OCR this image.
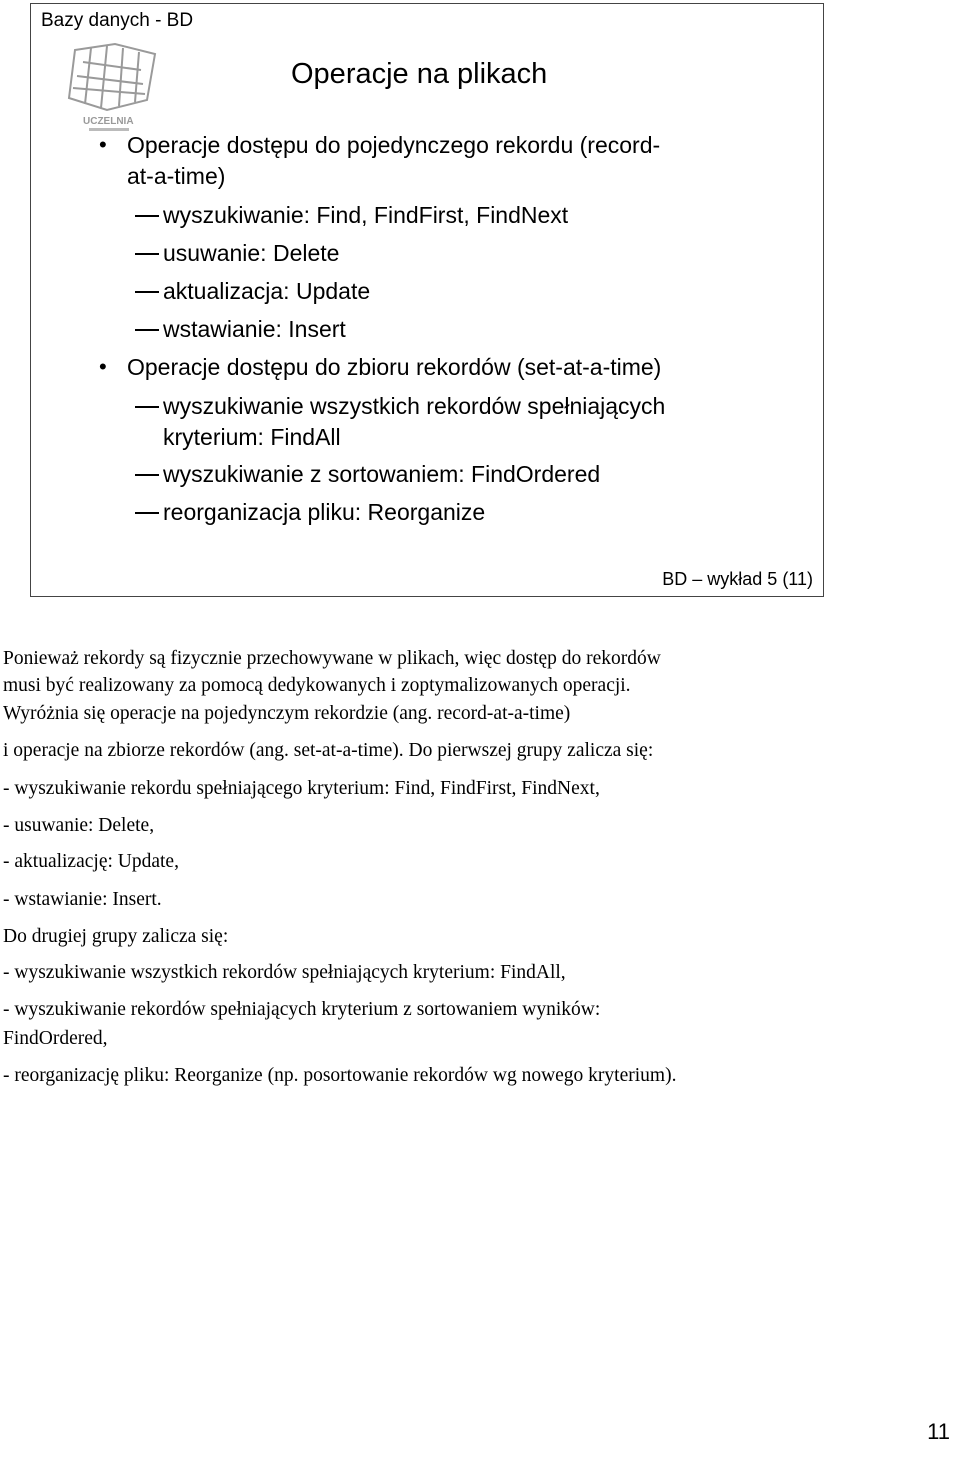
Bazy danych - BD
UCZELNIA
Operacje na plikach
• Operacje dostępu do pojedynczego rekordu (record-
at-a-time)
wyszukiwanie: Find, FindFirst, FindNext
usuwanie: Delete
aktualizacja: Update
wstawianie: Insert
• Operacje dostępu do zbioru rekordów (set-at-a-time)
wyszukiwanie wszystkich rekordów spełniających
kryterium: FindAll
wyszukiwanie z sortowaniem: FindOrdered
reorganizacja pliku: Reorganize
BD – wykład 5 (11)
Ponieważ rekordy są fizycznie przechowywane w plikach, więc dostęp do rekordów
musi być realizowany za pomocą dedykowanych i zoptymalizowanych operacji.
Wyróżnia się operacje na pojedynczym rekordzie (ang. record-at-a-time)
i operacje na zbiorze rekordów (ang. set-at-a-time). Do pierwszej grupy zalicza się:
- wyszukiwanie rekordu spełniającego kryterium: Find, FindFirst, FindNext,
- usuwanie: Delete,
- aktualizację: Update,
- wstawianie: Insert.
Do drugiej grupy zalicza się:
- wyszukiwanie wszystkich rekordów spełniających kryterium: FindAll,
- wyszukiwanie rekordów spełniających kryterium z sortowaniem wyników:
FindOrdered,
- reorganizację pliku: Reorganize (np. posortowanie rekordów wg nowego kryterium).
11
